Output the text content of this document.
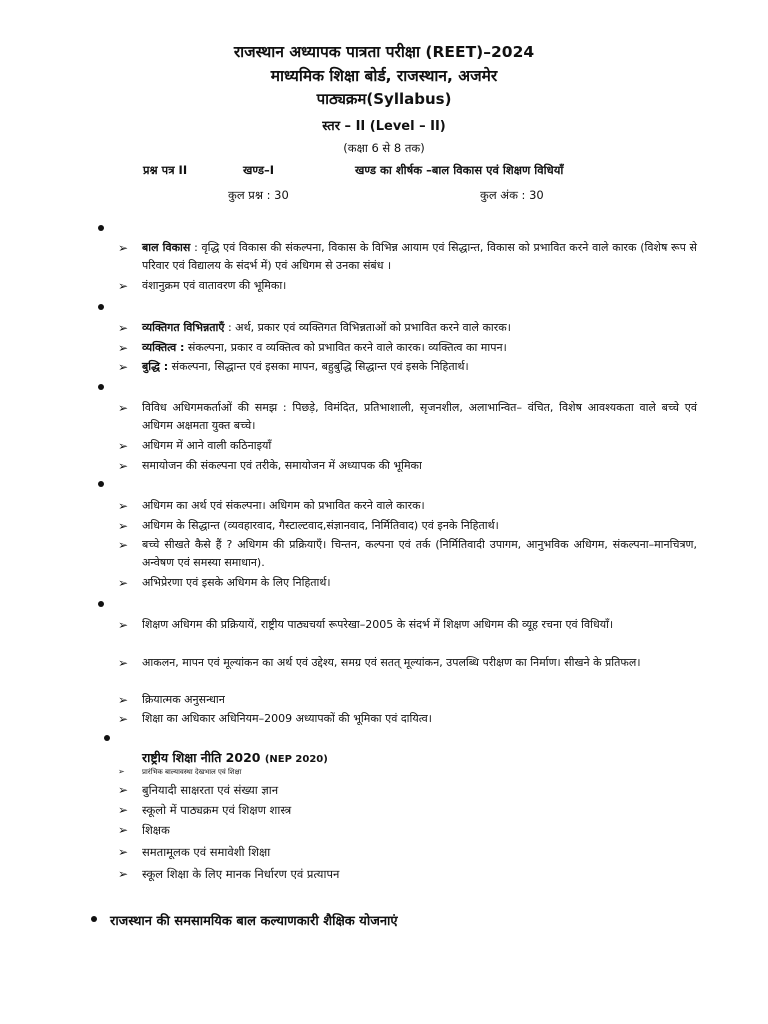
राजस्थान अध्यापक पात्रता परीक्षा (REET)–2024
माध्यमिक शिक्षा बोर्ड, राजस्थान, अजमेर
पाठ्यक्रम(Syllabus)
स्तर – II (Level – II)
(कक्षा 6 से 8 तक)
प्रश्न पत्र II	खण्ड–I	खण्ड का शीर्षक –बाल विकास एवं शिक्षण विधियाँ
कुल प्रश्न : 30	कुल अंक : 30
➢ बाल विकास : वृद्धि एवं विकास की संकल्पना, विकास के विभिन्न आयाम एवं सिद्धान्त, विकास को प्रभावित करने वाले कारक (विशेष रूप से परिवार एवं विद्यालय के संदर्भ में) एवं अधिगम से उनका संबंध ।
➢ वंशानुक्रम एवं वातावरण की भूमिका।
➢ व्यक्तिगत विभिन्नताएँ : अर्थ, प्रकार एवं व्यक्तिगत विभिन्नताओं को प्रभावित करने वाले कारक।
➢ व्यक्तित्व : संकल्पना, प्रकार व व्यक्तित्व को प्रभावित करने वाले कारक। व्यक्तित्व का मापन।
➢ बुद्धि : संकल्पना, सिद्धान्त एवं इसका मापन, बहुबुद्धि सिद्धान्त एवं इसके निहितार्थ।
➢ विविध अधिगमकर्ताओं की समझ : पिछड़े, विमंदित, प्रतिभाशाली, सृजनशील, अलाभान्वित– वंचित, विशेष आवश्यकता वाले बच्चे एवं अधिगम अक्षमता युक्त बच्चे।
➢ अधिगम में आने वाली कठिनाइयाँ
➢ समायोजन की संकल्पना एवं तरीके, समायोजन में अध्यापक की भूमिका
➢ अधिगम का अर्थ एवं संकल्पना। अधिगम को प्रभावित करने वाले कारक।
➢ अधिगम के सिद्धान्त (व्यवहारवाद, गैस्टाल्टवाद,संज्ञानवाद, निर्मितिवाद) एवं इनके निहितार्थ।
➢ बच्चे सीखते कैसे हैं ? अधिगम की प्रक्रियाएँ। चिन्तन, कल्पना एवं तर्क (निर्मितिवादी उपागम, आनुभविक अधिगम, संकल्पना–मानचित्रण, अन्वेषण एवं समस्या समाधान).
➢ अभिप्रेरणा एवं इसके अधिगम के लिए निहितार्थ।
➢ शिक्षण अधिगम की प्रक्रियायें, राष्ट्रीय पाठ्यचर्या रूपरेखा–2005 के संदर्भ में शिक्षण अधिगम की व्यूह रचना एवं विधियाँ।
➢ आकलन, मापन एवं मूल्यांकन का अर्थ एवं उद्देश्य, समग्र एवं सतत् मूल्यांकन, उपलब्धि परीक्षण का निर्माण। सीखने के प्रतिफल।
➢ क्रियात्मक अनुसन्धान
➢ शिक्षा का अधिकार अधिनियम–2009 अध्यापकों की भूमिका एवं दायित्व।
राष्ट्रीय शिक्षा नीति 2020 (NEP 2020)
➢ प्रारंभिक बाल्यावस्था देखभाल एवं शिक्षा
➢ बुनियादी साक्षरता एवं संख्या ज्ञान
➢ स्कूलो में पाठ्यक्रम एवं शिक्षण शास्त्र
➢ शिक्षक
➢ समतामूलक एवं समावेशी शिक्षा
➢ स्कूल शिक्षा के लिए मानक निर्धारण एवं प्रत्यापन
राजस्थान की समसामयिक बाल कल्याणकारी शैक्षिक योजनाएं
